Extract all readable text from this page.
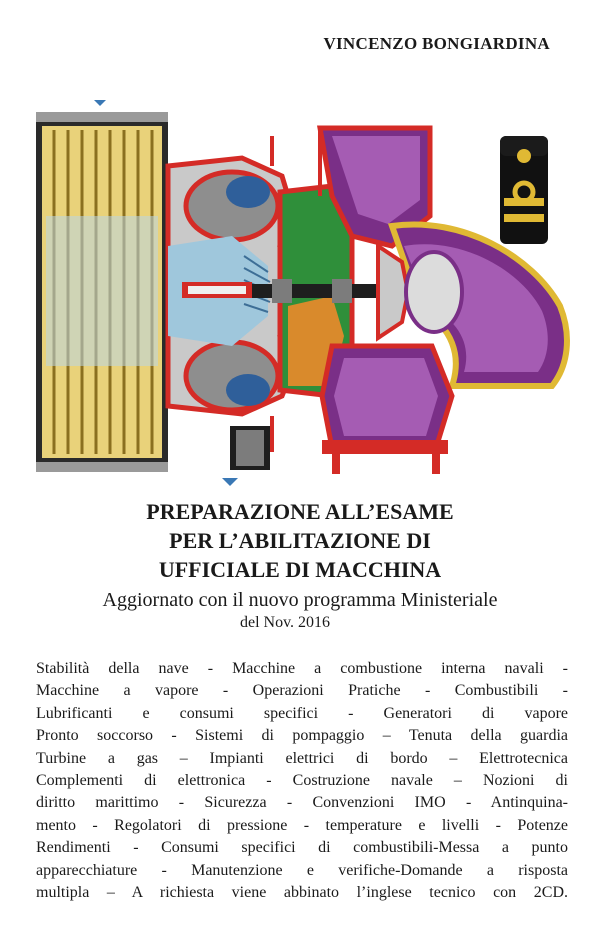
VINCENZO BONGIARDINA
PREPARAZIONE ALL’ESAME
PER L’ABILITAZIONE DI
UFFICIALE DI MACCHINA
Aggiornato con il nuovo programma Ministeriale
del Nov. 2016
Stabilità della nave - Macchine a combustione interna navali -
Macchine a vapore - Operazioni Pratiche - Combustibili -
Lubrificanti e consumi specifici - Generatori di vapore
Pronto soccorso - Sistemi di pompaggio – Tenuta della guardia
Turbine a gas – Impianti elettrici di bordo – Elettrotecnica
Complementi di elettronica - Costruzione navale – Nozioni di
diritto marittimo - Sicurezza - Convenzioni IMO - Antinquina-
mento - Regolatori di pressione - temperature e livelli - Potenze
Rendimenti - Consumi specifici di combustibili-Messa a punto
apparecchiature - Manutenzione e verifiche-Domande a risposta
multipla – A richiesta viene abbinato l’inglese tecnico con 2CD.
